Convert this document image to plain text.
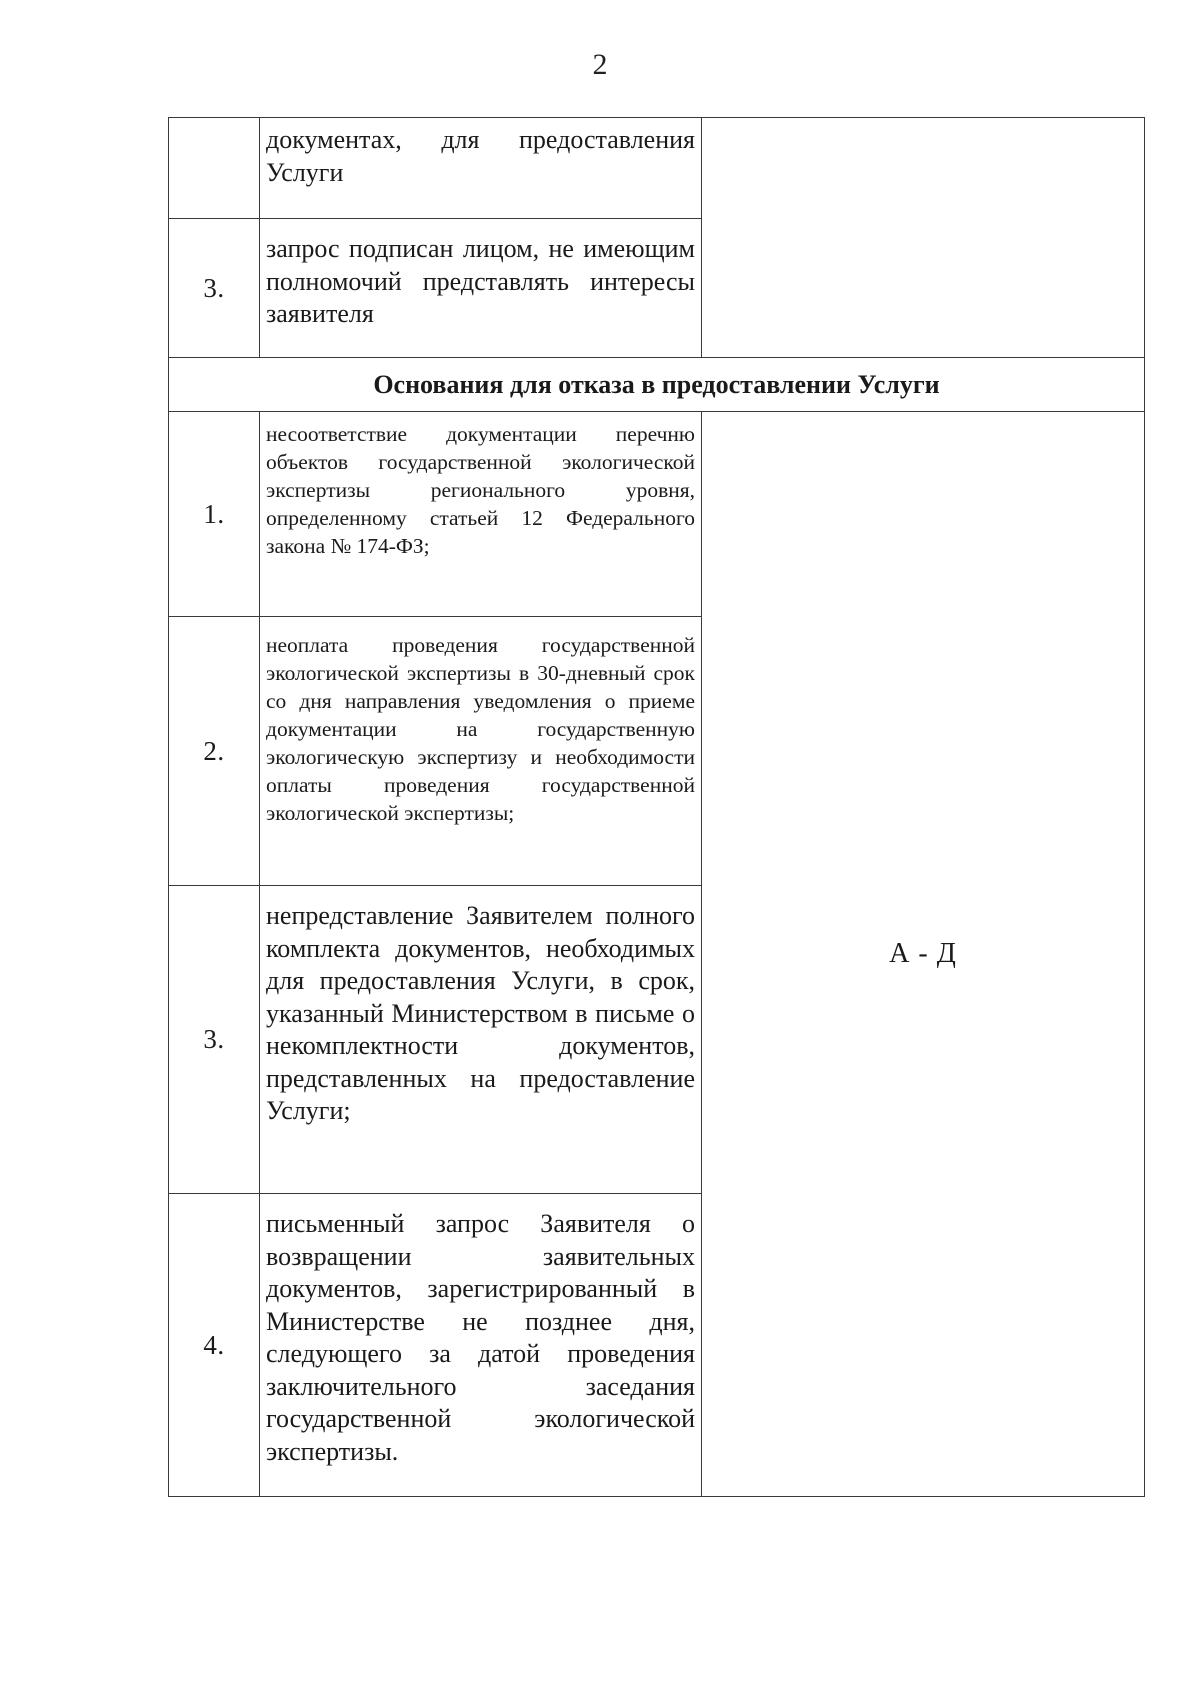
2
	документах, для предоставления Услуги	
3.	запрос подписан лицом, не имеющим полномочий представлять интересы заявителя	
Основания для отказа в предоставлении Услуги		
1.	несоответствие документации перечню объектов государственной экологической экспертизы регионального уровня, определенному статьей 12 Федерального закона № 174-ФЗ;	А - Д
2.	неоплата проведения государственной экологической экспертизы в 30-дневный срок со дня направления уведомления о приеме документации на государственную экологическую экспертизу и необходимости оплаты проведения государственной экологической экспертизы;	
3.	непредставление Заявителем полного комплекта документов, необходимых для предоставления Услуги, в срок, указанный Министерством в письме о некомплектности документов, представленных на предоставление Услуги;	
4.	письменный запрос Заявителя о возвращении заявительных документов, зарегистрированный в Министерстве не позднее дня, следующего за датой проведения заключительного заседания государственной экологической экспертизы.	
